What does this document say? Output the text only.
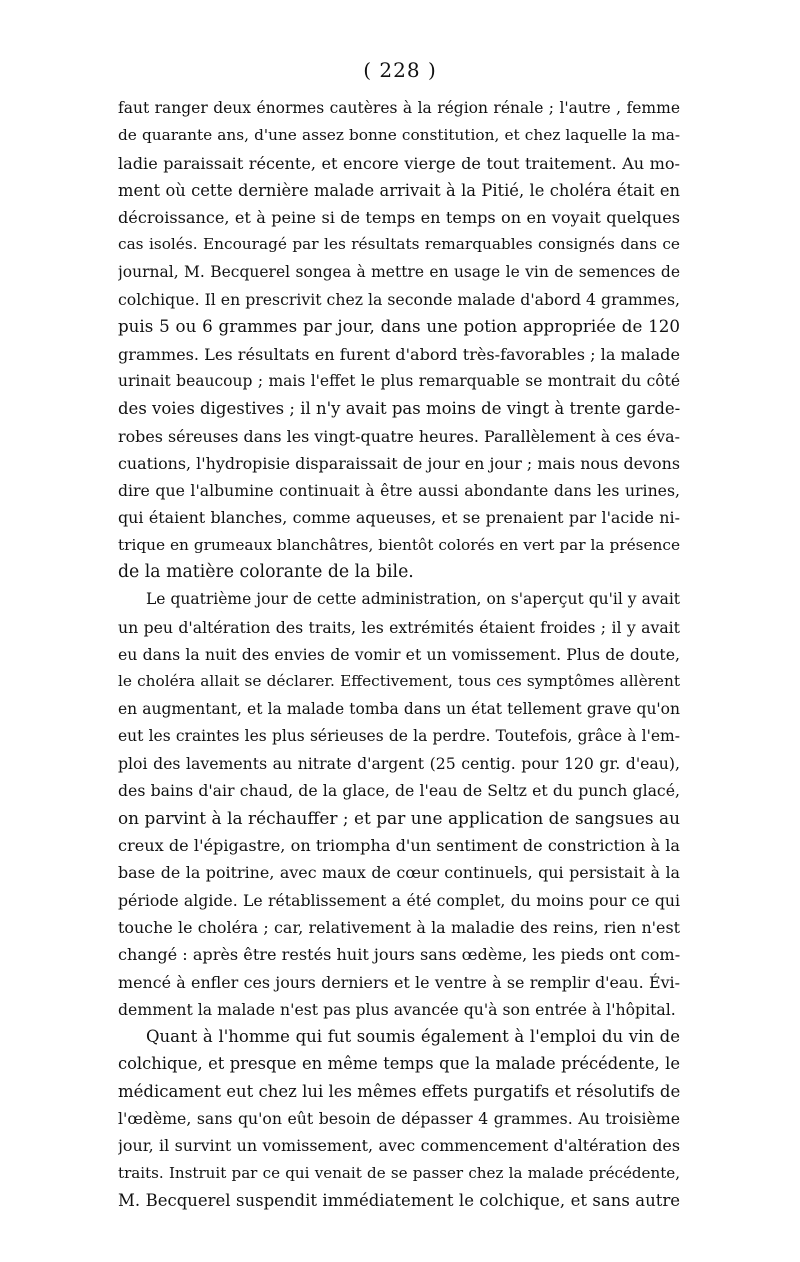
( 228 )
faut ranger deux énormes cautères à la région rénale ; l'autre , femme
de quarante ans, d'une assez bonne constitution, et chez laquelle la ma-
ladie paraissait récente, et encore vierge de tout traitement. Au mo-
ment où cette dernière malade arrivait à la Pitié, le choléra était en
décroissance, et à peine si de temps en temps on en voyait quelques
cas isolés. Encouragé par les résultats remarquables consignés dans ce
journal, M. Becquerel songea à mettre en usage le vin de semences de
colchique. Il en prescrivit chez la seconde malade d'abord 4 grammes,
puis 5 ou 6 grammes par jour, dans une potion appropriée de 120
grammes. Les résultats en furent d'abord très-favorables ; la malade
urinait beaucoup ; mais l'effet le plus remarquable se montrait du côté
des voies digestives ; il n'y avait pas moins de vingt à trente garde-
robes séreuses dans les vingt-quatre heures. Parallèlement à ces éva-
cuations, l'hydropisie disparaissait de jour en jour ; mais nous devons
dire que l'albumine continuait à être aussi abondante dans les urines,
qui étaient blanches, comme aqueuses, et se prenaient par l'acide ni-
trique en grumeaux blanchâtres, bientôt colorés en vert par la présence
de la matière colorante de la bile.
Le quatrième jour de cette administration, on s'aperçut qu'il y avait
un peu d'altération des traits, les extrémités étaient froides ; il y avait
eu dans la nuit des envies de vomir et un vomissement. Plus de doute,
le choléra allait se déclarer. Effectivement, tous ces symptômes allèrent
en augmentant, et la malade tomba dans un état tellement grave qu'on
eut les craintes les plus sérieuses de la perdre. Toutefois, grâce à l'em-
ploi des lavements au nitrate d'argent (25 centig. pour 120 gr. d'eau),
des bains d'air chaud, de la glace, de l'eau de Seltz et du punch glacé,
on parvint à la réchauffer ; et par une application de sangsues au
creux de l'épigastre, on triompha d'un sentiment de constriction à la
base de la poitrine, avec maux de cœur continuels, qui persistait à la
période algide. Le rétablissement a été complet, du moins pour ce qui
touche le choléra ; car, relativement à la maladie des reins, rien n'est
changé : après être restés huit jours sans œdème, les pieds ont com-
mencé à enfler ces jours derniers et le ventre à se remplir d'eau. Évi-
demment la malade n'est pas plus avancée qu'à son entrée à l'hôpital.
Quant à l'homme qui fut soumis également à l'emploi du vin de
colchique, et presque en même temps que la malade précédente, le
médicament eut chez lui les mêmes effets purgatifs et résolutifs de
l'œdème, sans qu'on eût besoin de dépasser 4 grammes. Au troisième
jour, il survint un vomissement, avec commencement d'altération des
traits. Instruit par ce qui venait de se passer chez la malade précédente,
M. Becquerel suspendit immédiatement le colchique, et sans autre
